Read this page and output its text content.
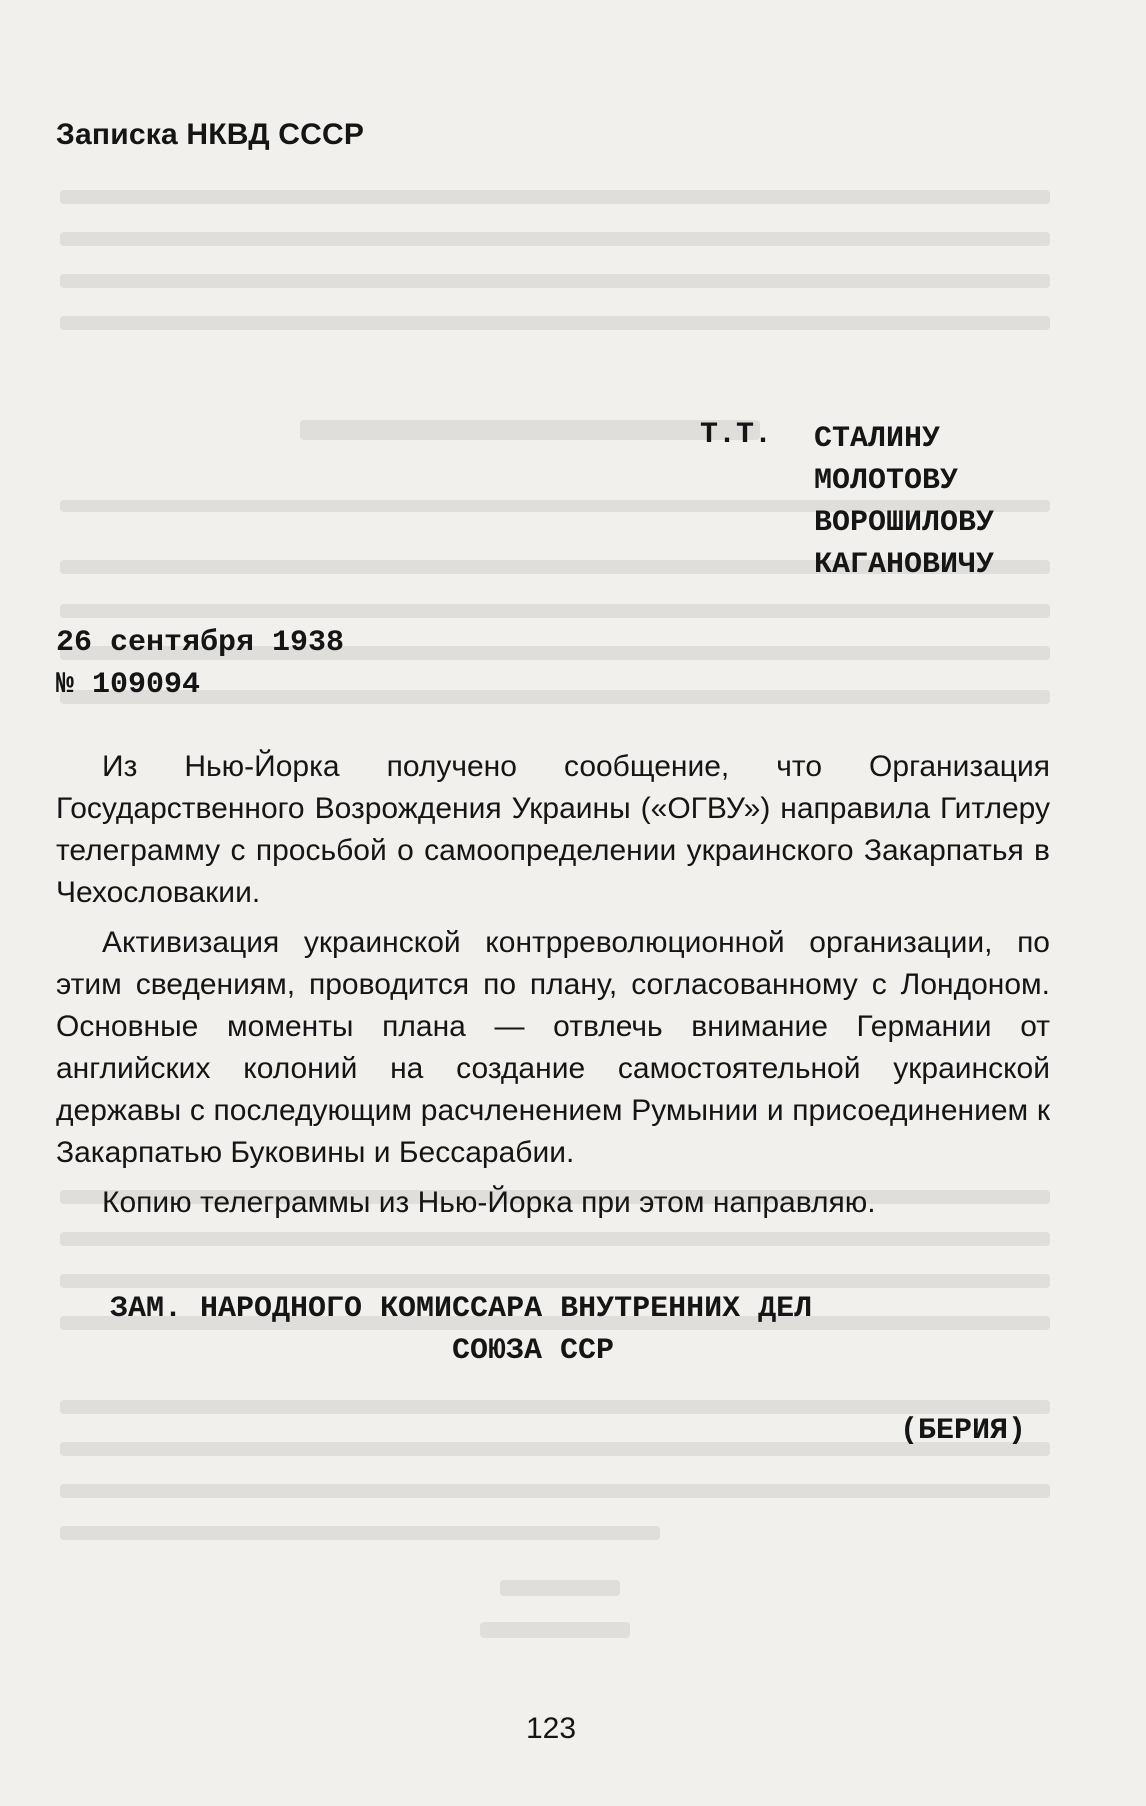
Записка НКВД СССР
Т.Т. СТАЛИНУ
МОЛОТОВУ
ВОРОШИЛОВУ
КАГАНОВИЧУ
26 сентября 1938
№ 109094

Из Нью-Йорка получено сообщение, что Организация Государственного Возрождения Украины («ОГВУ») направила Гитлеру телеграмму с просьбой о самоопределении украинского Закарпатья в Чехословакии.

Активизация украинской контрреволюционной организации, по этим сведениям, проводится по плану, согласованному с Лондоном. Основные моменты плана — отвлечь внимание Германии от английских колоний на создание самостоятельной украинской державы с последующим расчленением Румынии и присоединением к Закарпатью Буковины и Бессарабии.

Копию телеграммы из Нью-Йорка при этом направляю.

ЗАМ. НАРОДНОГО КОМИССАРА ВНУТРЕННИХ ДЕЛ
СОЮЗА ССР
(БЕРИЯ)
123
